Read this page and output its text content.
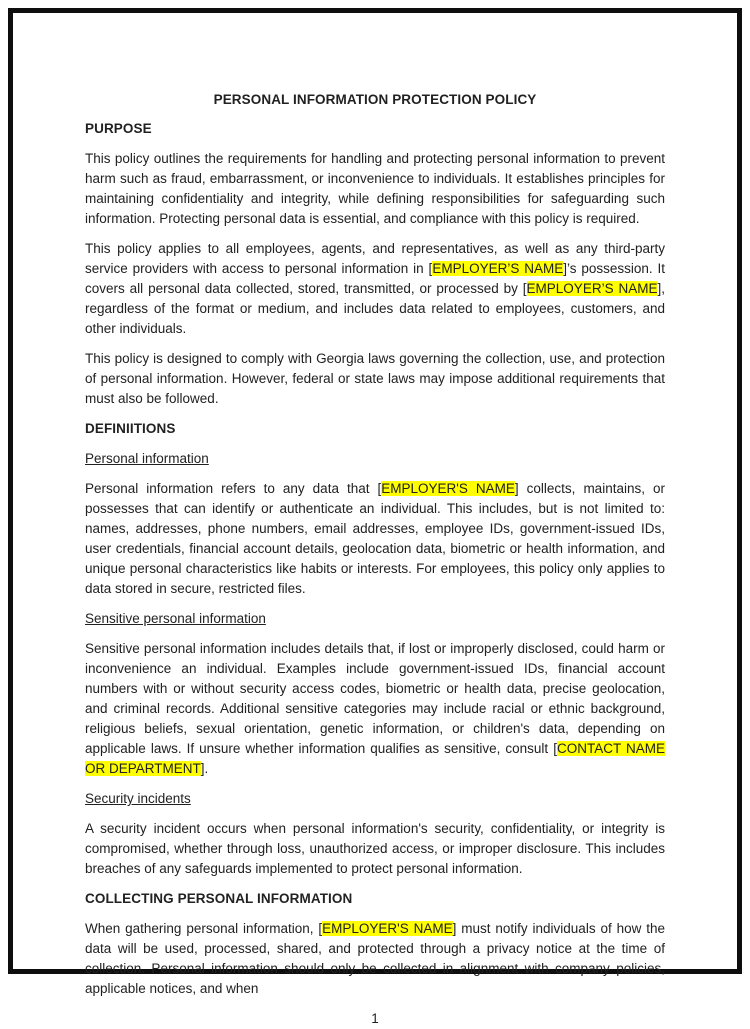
PERSONAL INFORMATION PROTECTION POLICY
PURPOSE

This policy outlines the requirements for handling and protecting personal information to prevent harm such as fraud, embarrassment, or inconvenience to individuals. It establishes principles for maintaining confidentiality and integrity, while defining responsibilities for safeguarding such information. Protecting personal data is essential, and compliance with this policy is required.

This policy applies to all employees, agents, and representatives, as well as any third-party service providers with access to personal information in [EMPLOYER’S NAME]’s possession. It covers all personal data collected, stored, transmitted, or processed by [EMPLOYER’S NAME], regardless of the format or medium, and includes data related to employees, customers, and other individuals.

This policy is designed to comply with Georgia laws governing the collection, use, and protection of personal information. However, federal or state laws may impose additional requirements that must also be followed.

DEFINIITIONS
Personal information

Personal information refers to any data that [EMPLOYER'S NAME] collects, maintains, or possesses that can identify or authenticate an individual. This includes, but is not limited to: names, addresses, phone numbers, email addresses, employee IDs, government-issued IDs, user credentials, financial account details, geolocation data, biometric or health information, and unique personal characteristics like habits or interests. For employees, this policy only applies to data stored in secure, restricted files.

Sensitive personal information

Sensitive personal information includes details that, if lost or improperly disclosed, could harm or inconvenience an individual. Examples include government-issued IDs, financial account numbers with or without security access codes, biometric or health data, precise geolocation, and criminal records. Additional sensitive categories may include racial or ethnic background, religious beliefs, sexual orientation, genetic information, or children's data, depending on applicable laws. If unsure whether information qualifies as sensitive, consult [CONTACT NAME OR DEPARTMENT].

Security incidents

A security incident occurs when personal information's security, confidentiality, or integrity is compromised, whether through loss, unauthorized access, or improper disclosure. This includes breaches of any safeguards implemented to protect personal information.

COLLECTING PERSONAL INFORMATION

When gathering personal information, [EMPLOYER'S NAME] must notify individuals of how the data will be used, processed, shared, and protected through a privacy notice at the time of collection. Personal information should only be collected in alignment with company policies, applicable notices, and when

1
